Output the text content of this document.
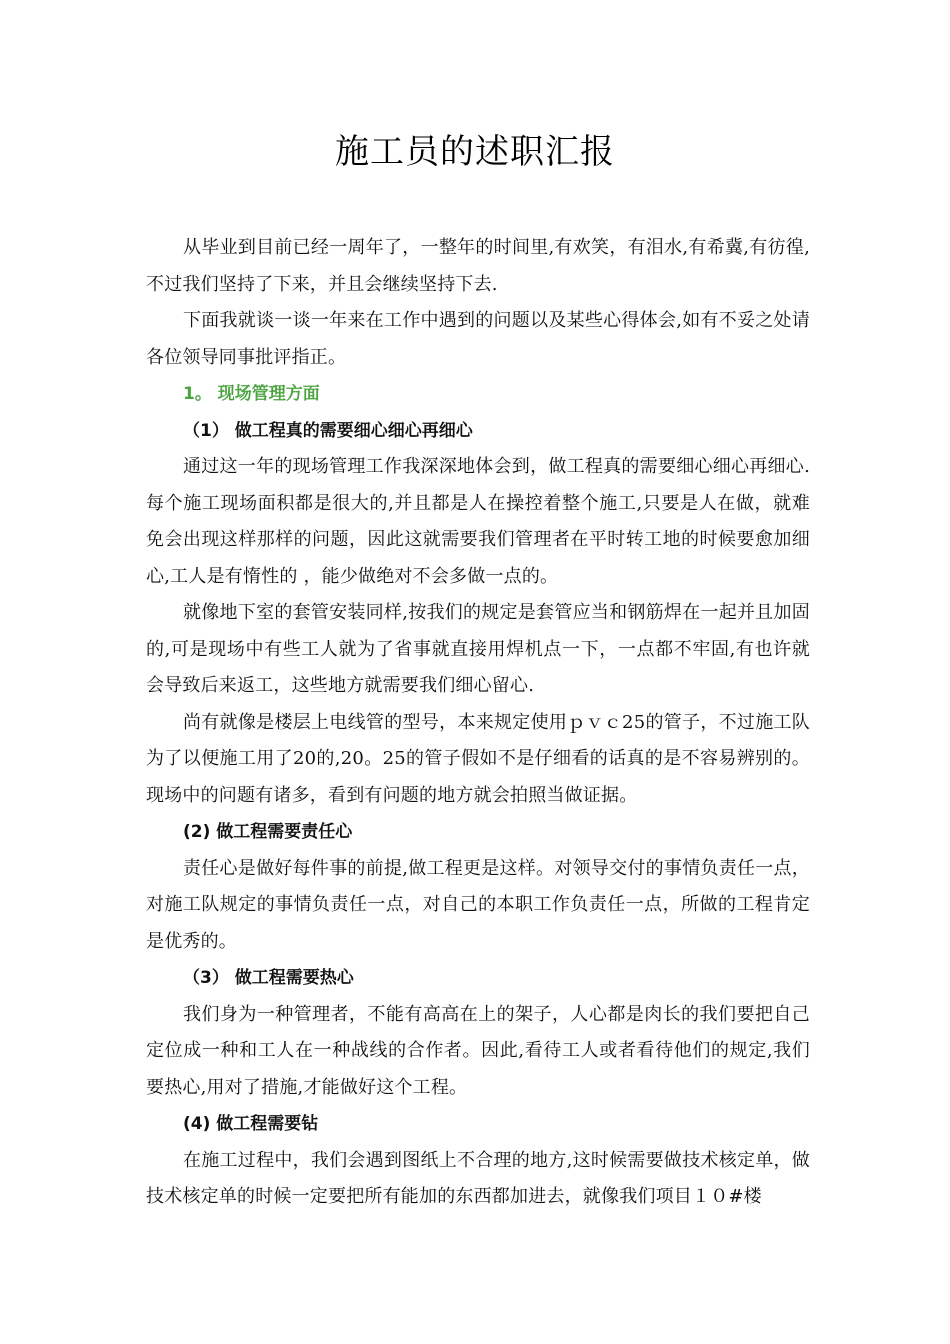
施工员的述职汇报

从毕业到目前已经一周年了，一整年的时间里,有欢笑，有泪水,有希冀,有彷徨,不过我们坚持了下来，并且会继续坚持下去.

下面我就谈一谈一年来在工作中遇到的问题以及某些心得体会,如有不妥之处请各位领导同事批评指正。

1。 现场管理方面

（1） 做工程真的需要细心细心再细心

通过这一年的现场管理工作我深深地体会到，做工程真的需要细心细心再细心.每个施工现场面积都是很大的,并且都是人在操控着整个施工,只要是人在做，就难免会出现这样那样的问题，因此这就需要我们管理者在平时转工地的时候要愈加细心,工人是有惰性的 ，能少做绝对不会多做一点的。

就像地下室的套管安装同样,按我们的规定是套管应当和钢筋焊在一起并且加固的,可是现场中有些工人就为了省事就直接用焊机点一下，一点都不牢固,有也许就会导致后来返工，这些地方就需要我们细心留心.

尚有就像是楼层上电线管的型号，本来规定使用ｐｖｃ25的管子，不过施工队为了以便施工用了20的,20。25的管子假如不是仔细看的话真的是不容易辨别的。现场中的问题有诸多，看到有问题的地方就会拍照当做证据。

(2) 做工程需要责任心

责任心是做好每件事的前提,做工程更是这样。对领导交付的事情负责任一点，对施工队规定的事情负责任一点，对自己的本职工作负责任一点，所做的工程肯定是优秀的。

（3） 做工程需要热心

我们身为一种管理者，不能有高高在上的架子，人心都是肉长的我们要把自己定位成一种和工人在一种战线的合作者。因此,看待工人或者看待他们的规定,我们要热心,用对了措施,才能做好这个工程。

(4) 做工程需要钻

在施工过程中，我们会遇到图纸上不合理的地方,这时候需要做技术核定单，做技术核定单的时候一定要把所有能加的东西都加进去，就像我们项目１０#楼
